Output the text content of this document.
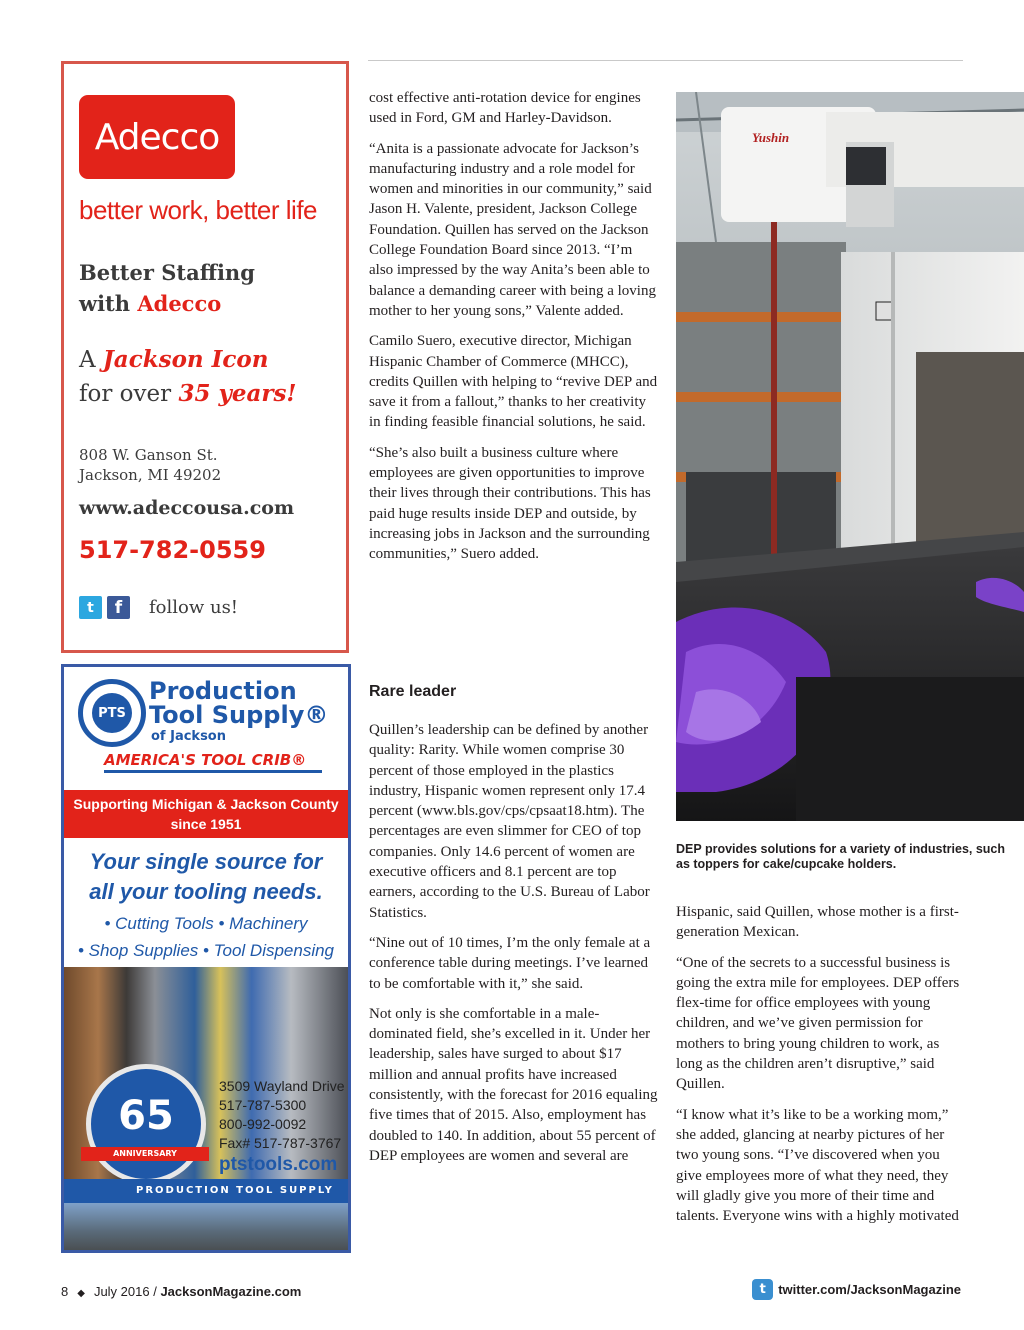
Adecco
better work, better life
Better Staffing
with Adecco
A Jackson Icon
for over 35 years!
808 W. Ganson St.
Jackson, MI 49202
www.adeccousa.com
517-782-0559
t	f	follow us!
PTS
Production
Tool Supply®
of Jackson
AMERICA'S TOOL CRIB®
Supporting Michigan & Jackson County
since 1951
Your single source for
all your tooling needs.
• Cutting Tools • Machinery
• Shop Supplies • Tool Dispensing
65
ANNIVERSARY
3509 Wayland Drive
517-787-5300
800-992-0092
Fax# 517-787-3767
ptstools.com
PRODUCTION TOOL SUPPLY

cost effective anti-rotation device for engines used in Ford, GM and Harley-Davidson.

“Anita is a passionate advocate for Jackson’s manufacturing industry and a role model for women and minorities in our community,” said Jason H. Valente, president, Jackson College Foundation. Quillen has served on the Jackson College Foundation Board since 2013. “I’m also impressed by the way Anita’s been able to balance a demanding career with being a loving mother to her young sons,” Valente added.

Camilo Suero, executive director, Michigan Hispanic Chamber of Commerce (MHCC), credits Quillen with helping to “revive DEP and save it from a fallout,” thanks to her creativity in finding feasible financial solutions, he said.

“She’s also built a business culture where employees are given opportunities to improve their lives through their contributions. This has paid huge results inside DEP and outside, by increasing jobs in Jackson and the surrounding communities,” Suero added.

Rare leader

Quillen’s leadership can be defined by another quality: Rarity. While women comprise 30 percent of those employed in the plastics industry, Hispanic women represent only 17.4 percent (www.bls.gov/cps/cpsaat18.htm). The percentages are even slimmer for CEO of top companies. Only 14.6 percent of women are executive officers and 8.1 percent are top earners, according to the U.S. Bureau of Labor Statistics.

“Nine out of 10 times, I’m the only female at a conference table during meetings. I’ve learned to be comfortable with it,” she said.

Not only is she comfortable in a male-dominated field, she’s excelled in it. Under her leadership, sales have surged to about $17 million and annual profits have increased consistently, with the forecast for 2016 equaling five times that of 2015. Also, employment has doubled to 140. In addition, about 55 percent of DEP employees are women and several are

Yushin
DEP provides solutions for a variety of industries, such as toppers for cake/cupcake holders.

Hispanic, said Quillen, whose mother is a first-generation Mexican.

“One of the secrets to a successful business is going the extra mile for employees. DEP offers flex-time for office employees with young children, and we’ve given permission for mothers to bring young children to work, as long as the children aren’t disruptive,” said Quillen.

“I know what it’s like to be a working mom,” she added, glancing at nearby pictures of her two young sons. “I’ve discovered when you give employees more of what they need, they will gladly give you more of their time and talents. Everyone wins with a highly motivated

8 ◆ July 2016 / JacksonMagazine.com	t twitter.com/JacksonMagazine
